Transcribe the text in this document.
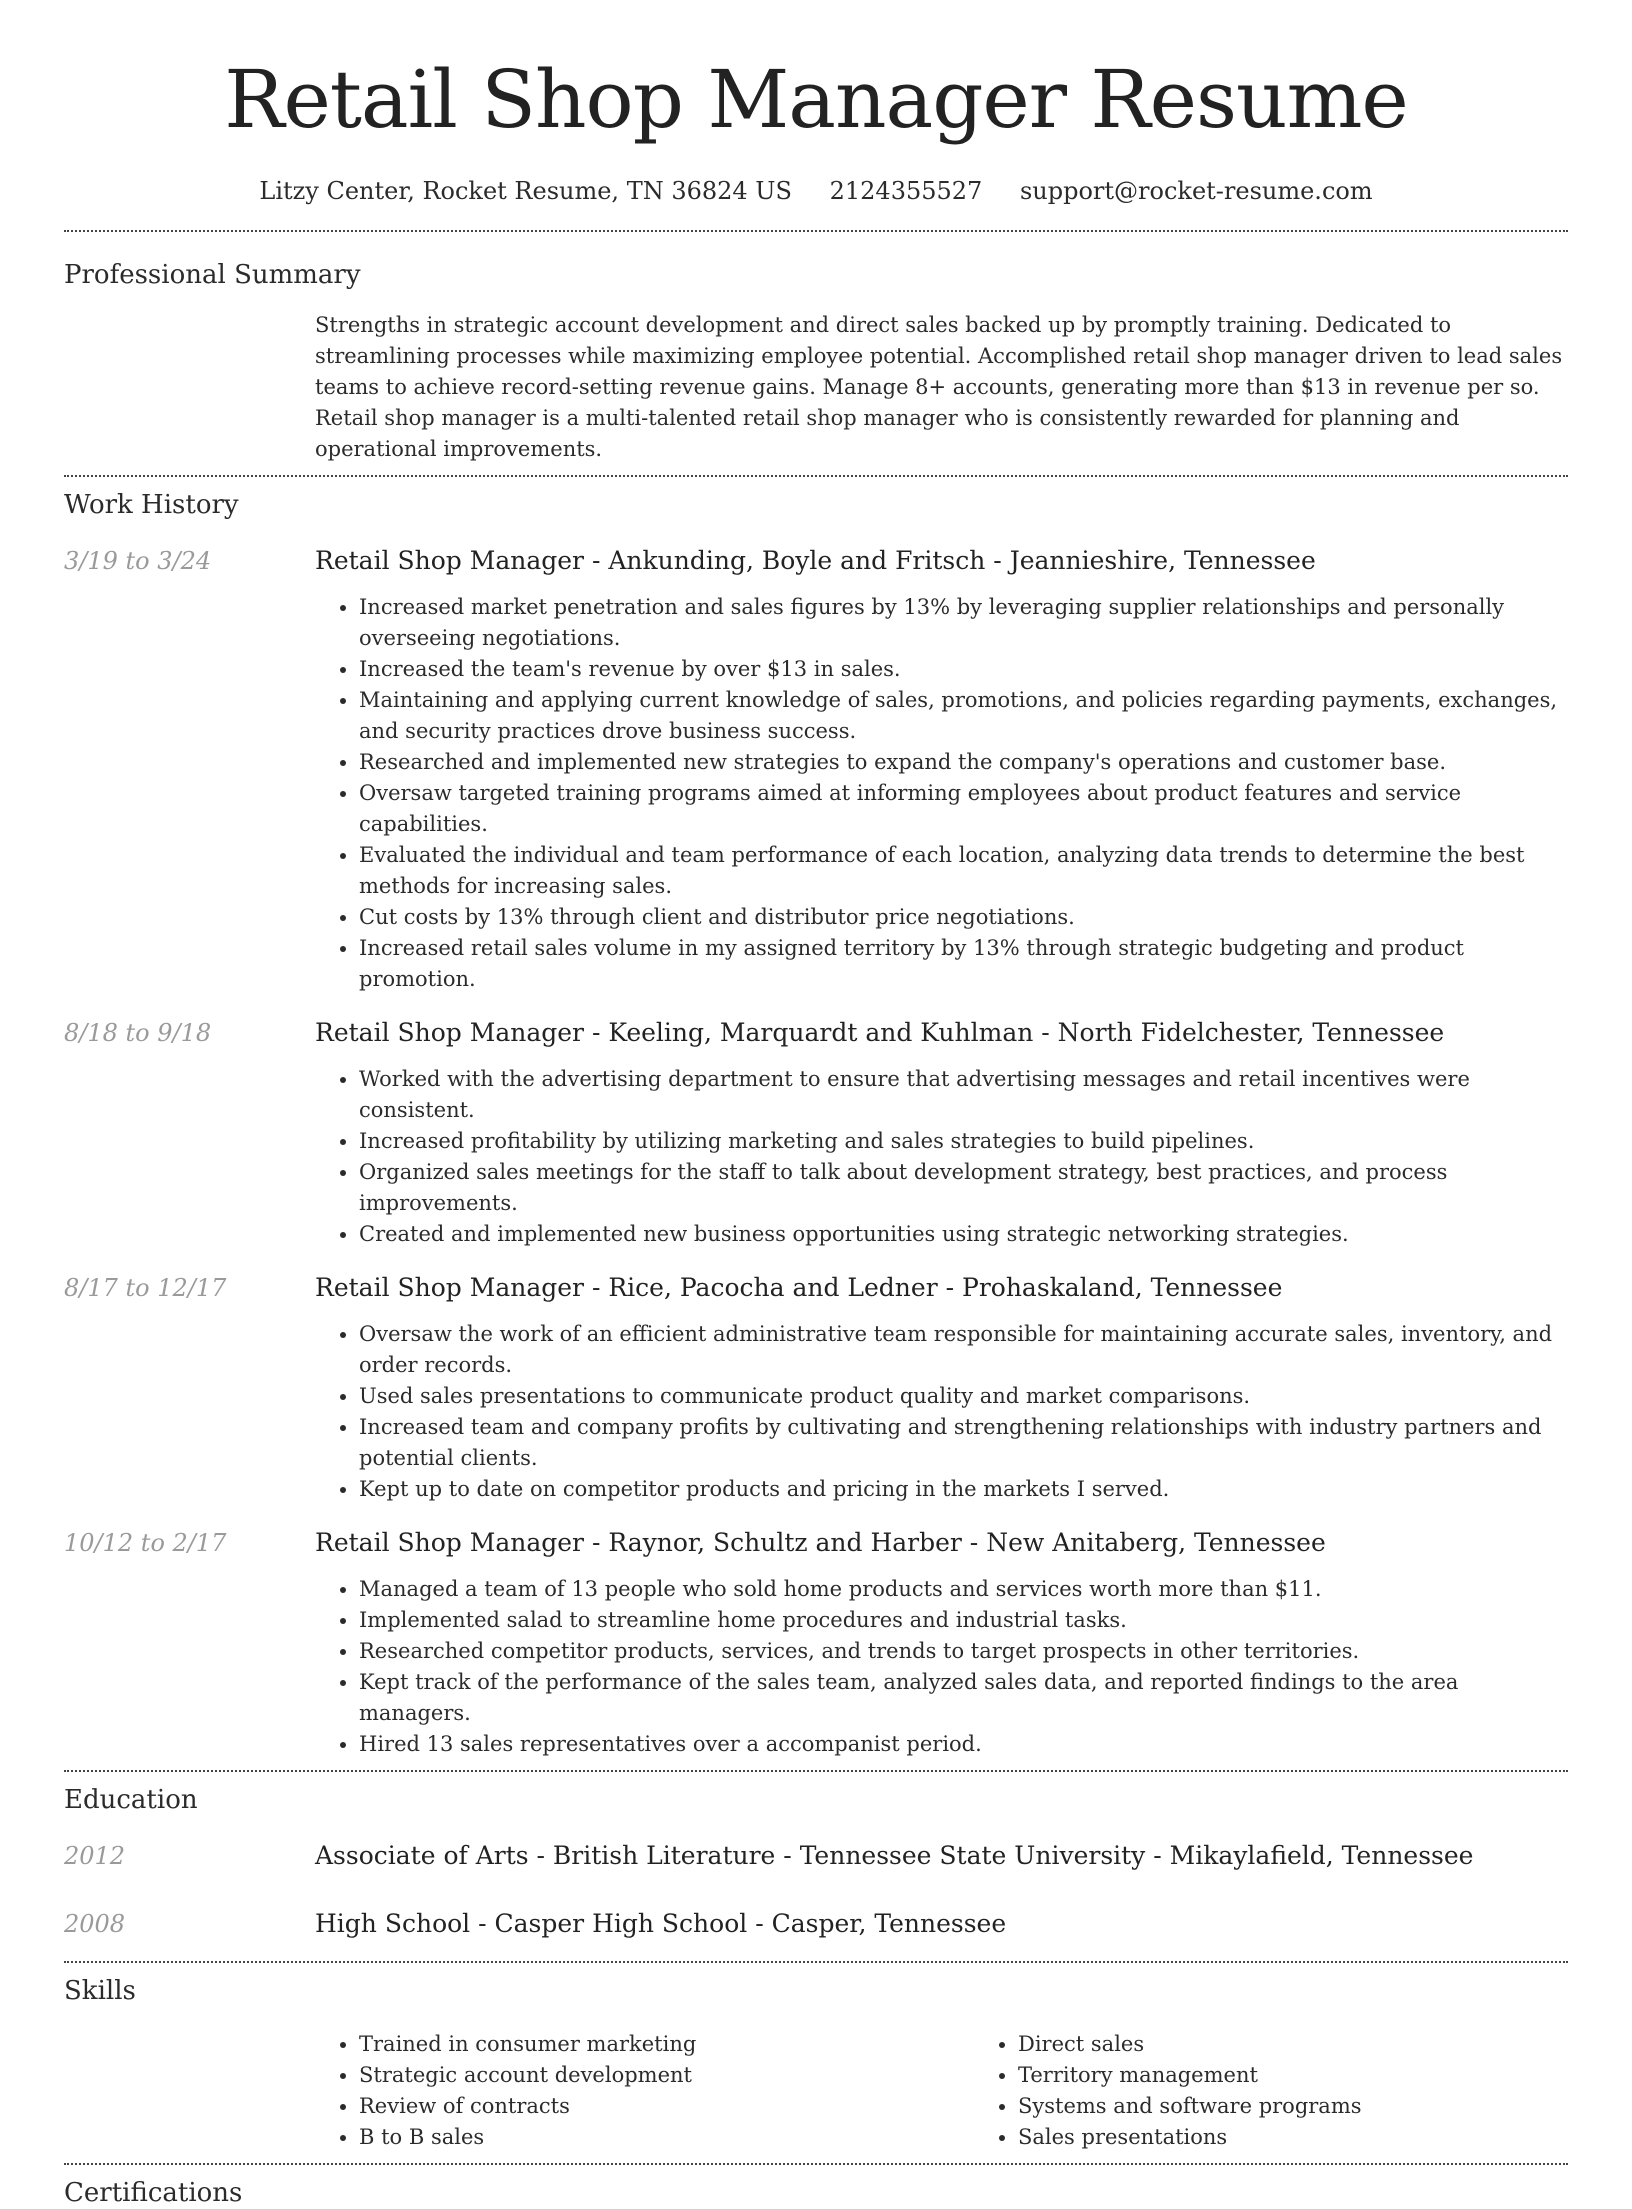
Retail Shop Manager Resume
Litzy Center, Rocket Resume, TN 36824 US 2124355527 support@rocket-resume.com
Professional Summary
Strengths in strategic account development and direct sales backed up by promptly training. Dedicated to streamlining processes while maximizing employee potential. Accomplished retail shop manager driven to lead sales teams to achieve record-setting revenue gains. Manage 8+ accounts, generating more than $13 in revenue per so. Retail shop manager is a multi-talented retail shop manager who is consistently rewarded for planning and operational improvements.
Work History
3/19 to 3/24	Retail Shop Manager - Ankunding, Boyle and Fritsch - Jeannieshire, Tennessee
• Increased market penetration and sales figures by 13% by leveraging supplier relationships and personally overseeing negotiations.
• Increased the team's revenue by over $13 in sales.
• Maintaining and applying current knowledge of sales, promotions, and policies regarding payments, exchanges, and security practices drove business success.
• Researched and implemented new strategies to expand the company's operations and customer base.
• Oversaw targeted training programs aimed at informing employees about product features and service capabilities.
• Evaluated the individual and team performance of each location, analyzing data trends to determine the best methods for increasing sales.
• Cut costs by 13% through client and distributor price negotiations.
• Increased retail sales volume in my assigned territory by 13% through strategic budgeting and product promotion.
8/18 to 9/18	Retail Shop Manager - Keeling, Marquardt and Kuhlman - North Fidelchester, Tennessee
• Worked with the advertising department to ensure that advertising messages and retail incentives were consistent.
• Increased profitability by utilizing marketing and sales strategies to build pipelines.
• Organized sales meetings for the staff to talk about development strategy, best practices, and process improvements.
• Created and implemented new business opportunities using strategic networking strategies.
8/17 to 12/17	Retail Shop Manager - Rice, Pacocha and Ledner - Prohaskaland, Tennessee
• Oversaw the work of an efficient administrative team responsible for maintaining accurate sales, inventory, and order records.
• Used sales presentations to communicate product quality and market comparisons.
• Increased team and company profits by cultivating and strengthening relationships with industry partners and potential clients.
• Kept up to date on competitor products and pricing in the markets I served.
10/12 to 2/17	Retail Shop Manager - Raynor, Schultz and Harber - New Anitaberg, Tennessee
• Managed a team of 13 people who sold home products and services worth more than $11.
• Implemented salad to streamline home procedures and industrial tasks.
• Researched competitor products, services, and trends to target prospects in other territories.
• Kept track of the performance of the sales team, analyzed sales data, and reported findings to the area managers.
• Hired 13 sales representatives over a accompanist period.
Education
2012	Associate of Arts - British Literature - Tennessee State University - Mikaylafield, Tennessee
2008	High School - Casper High School - Casper, Tennessee
Skills
• Trained in consumer marketing
• Strategic account development
• Review of contracts
• B to B sales
• Direct sales
• Territory management
• Systems and software programs
• Sales presentations
Certifications
